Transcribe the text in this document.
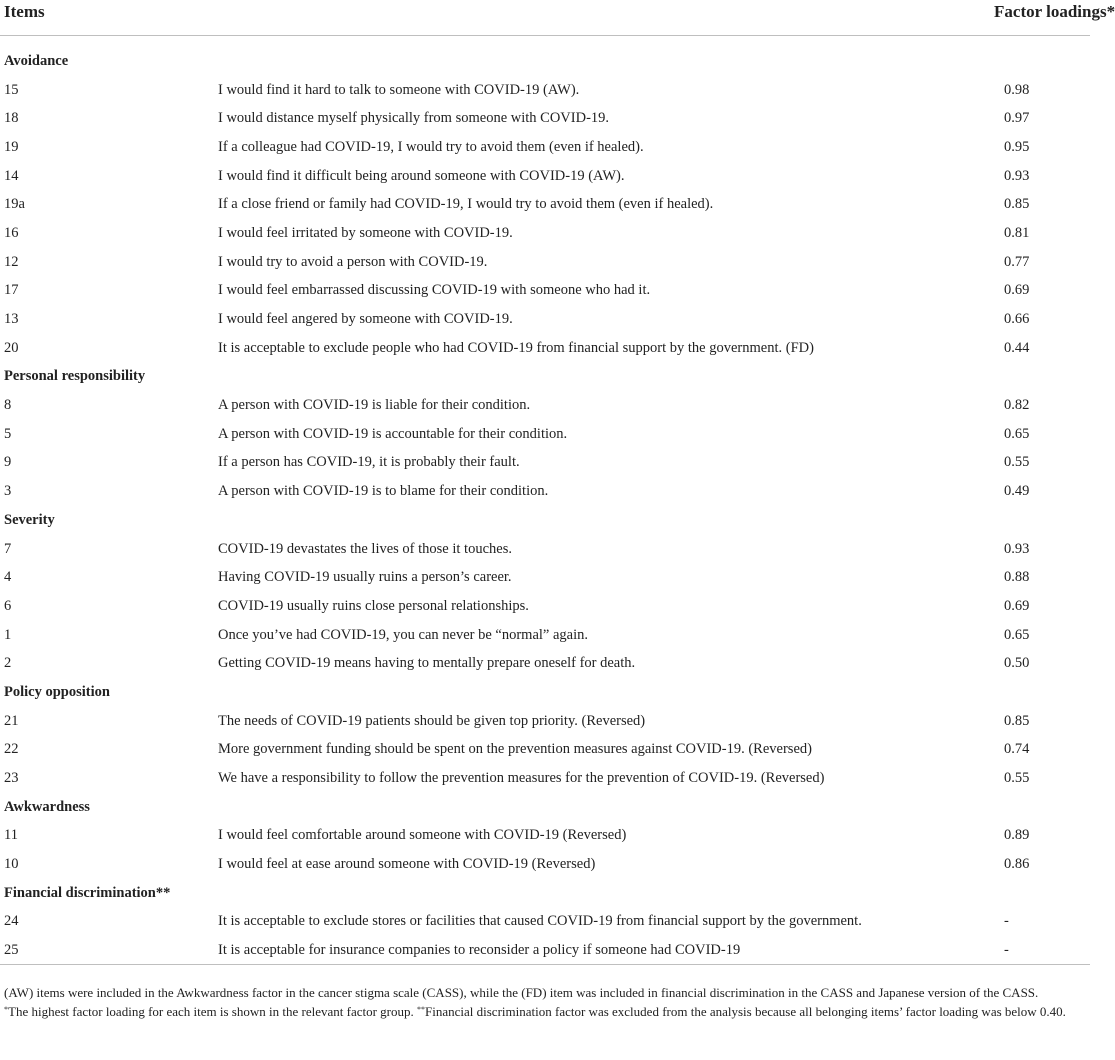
Items		Factor loadings*

Avoidance		
15	I would find it hard to talk to someone with COVID-19 (AW).	0.98
18	I would distance myself physically from someone with COVID-19.	0.97
19	If a colleague had COVID-19, I would try to avoid them (even if healed).	0.95
14	I would find it difficult being around someone with COVID-19 (AW).	0.93
19a	If a close friend or family had COVID-19, I would try to avoid them (even if healed).	0.85
16	I would feel irritated by someone with COVID-19.	0.81
12	I would try to avoid a person with COVID-19.	0.77
17	I would feel embarrassed discussing COVID-19 with someone who had it.	0.69
13	I would feel angered by someone with COVID-19.	0.66
20	It is acceptable to exclude people who had COVID-19 from financial support by the government. (FD)	0.44
Personal responsibility		
8	A person with COVID-19 is liable for their condition.	0.82
5	A person with COVID-19 is accountable for their condition.	0.65
9	If a person has COVID-19, it is probably their fault.	0.55
3	A person with COVID-19 is to blame for their condition.	0.49
Severity		
7	COVID-19 devastates the lives of those it touches.	0.93
4	Having COVID-19 usually ruins a person’s career.	0.88
6	COVID-19 usually ruins close personal relationships.	0.69
1	Once you’ve had COVID-19, you can never be “normal” again.	0.65
2	Getting COVID-19 means having to mentally prepare oneself for death.	0.50
Policy opposition		
21	The needs of COVID-19 patients should be given top priority. (Reversed)	0.85
22	More government funding should be spent on the prevention measures against COVID-19. (Reversed)	0.74
23	We have a responsibility to follow the prevention measures for the prevention of COVID-19. (Reversed)	0.55
Awkwardness		
11	I would feel comfortable around someone with COVID-19 (Reversed)	0.89
10	I would feel at ease around someone with COVID-19 (Reversed)	0.86
Financial discrimination**		
24	It is acceptable to exclude stores or facilities that caused COVID-19 from financial support by the government.	-
25	It is acceptable for insurance companies to reconsider a policy if someone had COVID-19	-

(AW) items were included in the Awkwardness factor in the cancer stigma scale (CASS), while the (FD) item was included in financial discrimination in the CASS and Japanese version of the CASS.

*The highest factor loading for each item is shown in the relevant factor group. **Financial discrimination factor was excluded from the analysis because all belonging items’ factor loading was below 0.40.
